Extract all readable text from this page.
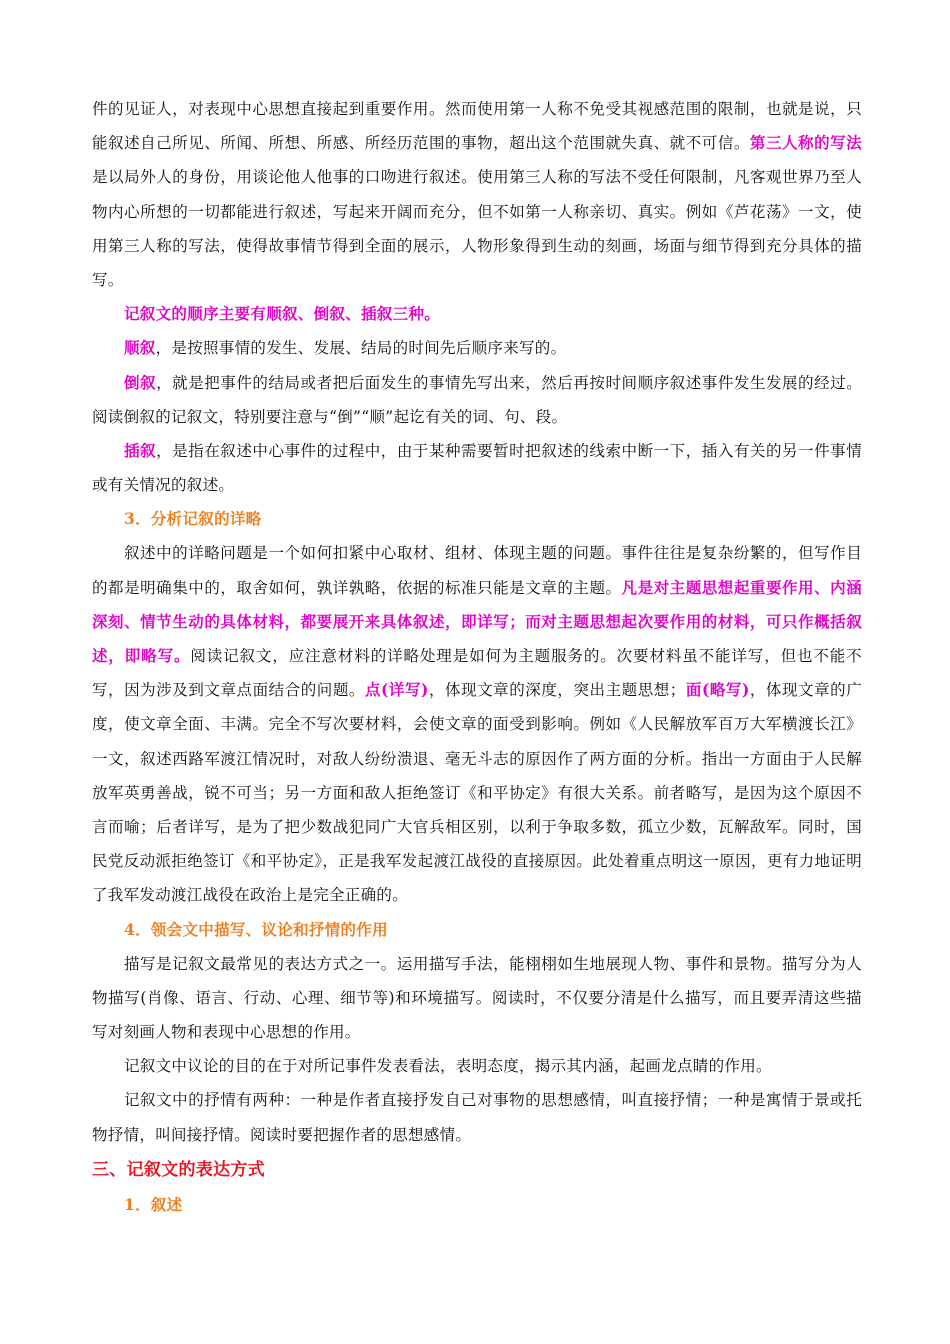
件的见证人，对表现中心思想直接起到重要作用。然而使用第一人称不免受其视感范围的限制，也就是说，只能叙述自己所见、所闻、所想、所感、所经历范围的事物，超出这个范围就失真、就不可信。第三人称的写法是以局外人的身份，用谈论他人他事的口吻进行叙述。使用第三人称的写法不受任何限制，凡客观世界乃至人物内心所想的一切都能进行叙述，写起来开阔而充分，但不如第一人称亲切、真实。例如《芦花荡》一文，使用第三人称的写法，使得故事情节得到全面的展示，人物形象得到生动的刻画，场面与细节得到充分具体的描写。

记叙文的顺序主要有顺叙、倒叙、插叙三种。

顺叙，是按照事情的发生、发展、结局的时间先后顺序来写的。

倒叙，就是把事件的结局或者把后面发生的事情先写出来，然后再按时间顺序叙述事件发生发展的经过。阅读倒叙的记叙文，特别要注意与“倒”“顺”起讫有关的词、句、段。

插叙，是指在叙述中心事件的过程中，由于某种需要暂时把叙述的线索中断一下，插入有关的另一件事情或有关情况的叙述。

3．分析记叙的详略

叙述中的详略问题是一个如何扣紧中心取材、组材、体现主题的问题。事件往往是复杂纷繁的，但写作目的都是明确集中的，取舍如何，孰详孰略，依据的标准只能是文章的主题。凡是对主题思想起重要作用、内涵深刻、情节生动的具体材料，都要展开来具体叙述，即详写；而对主题思想起次要作用的材料，可只作概括叙述，即略写。阅读记叙文，应注意材料的详略处理是如何为主题服务的。次要材料虽不能详写，但也不能不写，因为涉及到文章点面结合的问题。点(详写)，体现文章的深度，突出主题思想；面(略写)，体现文章的广度，使文章全面、丰满。完全不写次要材料，会使文章的面受到影响。例如《人民解放军百万大军横渡长江》一文，叙述西路军渡江情况时，对敌人纷纷溃退、毫无斗志的原因作了两方面的分析。指出一方面由于人民解放军英勇善战，锐不可当；另一方面和敌人拒绝签订《和平协定》有很大关系。前者略写，是因为这个原因不言而喻；后者详写，是为了把少数战犯同广大官兵相区别，以利于争取多数，孤立少数，瓦解敌军。同时，国民党反动派拒绝签订《和平协定》，正是我军发起渡江战役的直接原因。此处着重点明这一原因，更有力地证明了我军发动渡江战役在政治上是完全正确的。

4．领会文中描写、议论和抒情的作用

描写是记叙文最常见的表达方式之一。运用描写手法，能栩栩如生地展现人物、事件和景物。描写分为人物描写(肖像、语言、行动、心理、细节等)和环境描写。阅读时，不仅要分清是什么描写，而且要弄清这些描写对刻画人物和表现中心思想的作用。

记叙文中议论的目的在于对所记事件发表看法，表明态度，揭示其内涵，起画龙点睛的作用。

记叙文中的抒情有两种：一种是作者直接抒发自己对事物的思想感情，叫直接抒情；一种是寓情于景或托物抒情，叫间接抒情。阅读时要把握作者的思想感情。

三、记叙文的表达方式

1．叙述
